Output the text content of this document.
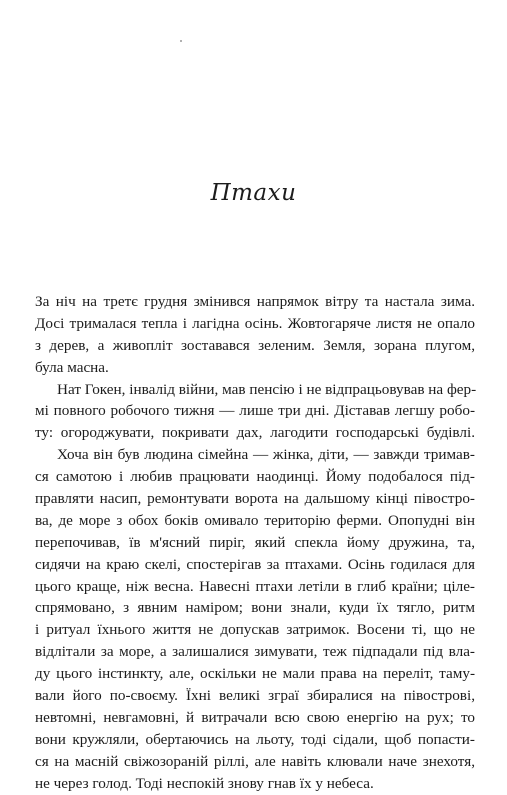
Птахи
За ніч на третє грудня змінився напрямок вітру та настала зима.
Досі трималася тепла і лагідна осінь. Жовтогаряче листя не опало
з дерев, а живопліт зоставався зеленим. Земля, зорана плугом,
була масна.
Нат Гокен, інвалід війни, мав пенсію і не відпрацьовував на фер-
мі повного робочого тижня — лише три дні. Діставав легшу робо-
ту: огороджувати, покривати дах, лагодити господарські будівлі.
Хоча він був людина сімейна — жінка, діти, — завжди тримав-
ся самотою і любив працювати наодинці. Йому подобалося під-
правляти насип, ремонтувати ворота на дальшому кінці півостро-
ва, де море з обох боків омивало територію ферми. Опопудні він
перепочивав, їв м'ясний пиріг, який спекла йому дружина, та,
сидячи на краю скелі, спостерігав за птахами. Осінь годилася для
цього краще, ніж весна. Навесні птахи летіли в глиб країни; ціле-
спрямовано, з явним наміром; вони знали, куди їх тягло, ритм
і ритуал їхнього життя не допускав затримок. Восени ті, що не
відлітали за море, а залишалися зимувати, теж підпадали під вла-
ду цього інстинкту, але, оскільки не мали права на переліт, таму-
вали його по-своєму. Їхні великі зграї збиралися на півострові,
невтомні, невгамовні, й витрачали всю свою енергію на рух; то
вони кружляли, обертаючись на льоту, тоді сідали, щоб попасти-
ся на масній свіжозораній ріллі, але навіть клювали наче знехотя,
не через голод. Тоді неспокій знову гнав їх у небеса.
